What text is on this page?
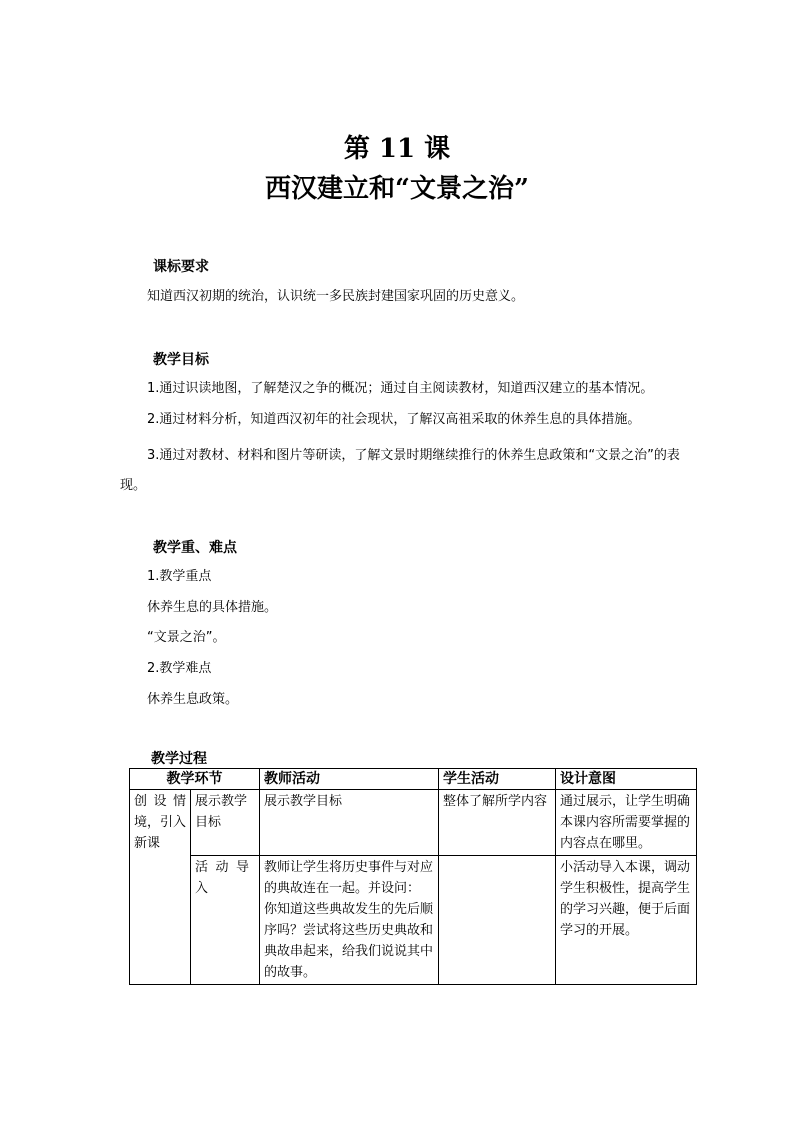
第 11 课
西汉建立和“文景之治”
课标要求
知道西汉初期的统治，认识统一多民族封建国家巩固的历史意义。
教学目标
1.通过识读地图，了解楚汉之争的概况；通过自主阅读教材，知道西汉建立的基本情况。
2.通过材料分析，知道西汉初年的社会现状，了解汉高祖采取的休养生息的具体措施。
3.通过对教材、材料和图片等研读，了解文景时期继续推行的休养生息政策和“文景之治”的表现。
教学重、难点
1.教学重点
休养生息的具体措施。
“文景之治”。
2.教学难点
休养生息政策。
教学过程
教学环节		教师活动	学生活动	设计意图
创设情境，引入新课	展示教学目标	展示教学目标	整体了解所学内容	通过展示，让学生明确本课内容所需要掌握的内容点在哪里。
	活动导入	教师让学生将历史事件与对应的典故连在一起。并设问： 你知道这些典故发生的先后顺序吗？尝试将这些历史典故和典故串起来，给我们说说其中的故事。		小活动导入本课，调动学生积极性，提高学生的学习兴趣，便于后面学习的开展。
